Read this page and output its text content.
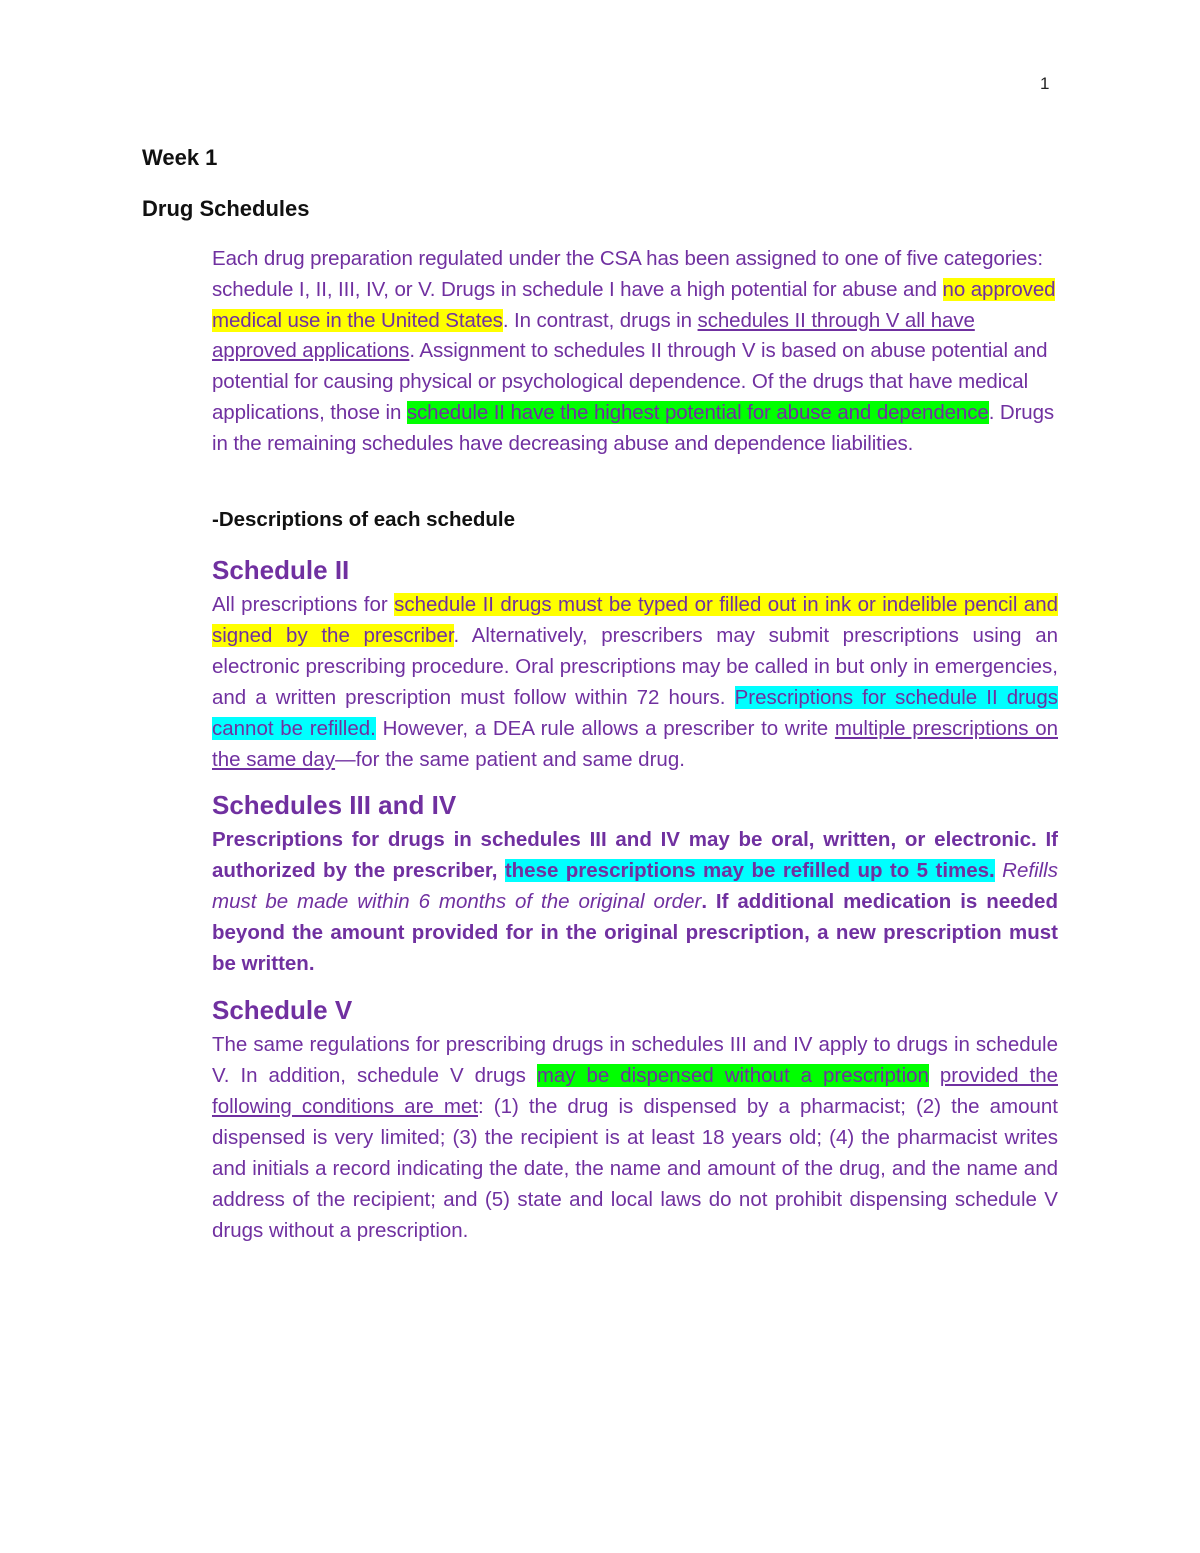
1
Week 1
Drug Schedules
Each drug preparation regulated under the CSA has been assigned to one of five categories: schedule I, II, III, IV, or V. Drugs in schedule I have a high potential for abuse and no approved medical use in the United States. In contrast, drugs in schedules II through V all have approved applications. Assignment to schedules II through V is based on abuse potential and potential for causing physical or psychological dependence. Of the drugs that have medical applications, those in schedule II have the highest potential for abuse and dependence. Drugs in the remaining schedules have decreasing abuse and dependence liabilities.
-Descriptions of each schedule
Schedule II
All prescriptions for schedule II drugs must be typed or filled out in ink or indelible pencil and signed by the prescriber. Alternatively, prescribers may submit prescriptions using an electronic prescribing procedure. Oral prescriptions may be called in but only in emergencies, and a written prescription must follow within 72 hours. Prescriptions for schedule II drugs cannot be refilled. However, a DEA rule allows a prescriber to write multiple prescriptions on the same day—for the same patient and same drug.
Schedules III and IV
Prescriptions for drugs in schedules III and IV may be oral, written, or electronic. If authorized by the prescriber, these prescriptions may be refilled up to 5 times. Refills must be made within 6 months of the original order. If additional medication is needed beyond the amount provided for in the original prescription, a new prescription must be written.
Schedule V
The same regulations for prescribing drugs in schedules III and IV apply to drugs in schedule V. In addition, schedule V drugs may be dispensed without a prescription provided the following conditions are met: (1) the drug is dispensed by a pharmacist; (2) the amount dispensed is very limited; (3) the recipient is at least 18 years old; (4) the pharmacist writes and initials a record indicating the date, the name and amount of the drug, and the name and address of the recipient; and (5) state and local laws do not prohibit dispensing schedule V drugs without a prescription.
